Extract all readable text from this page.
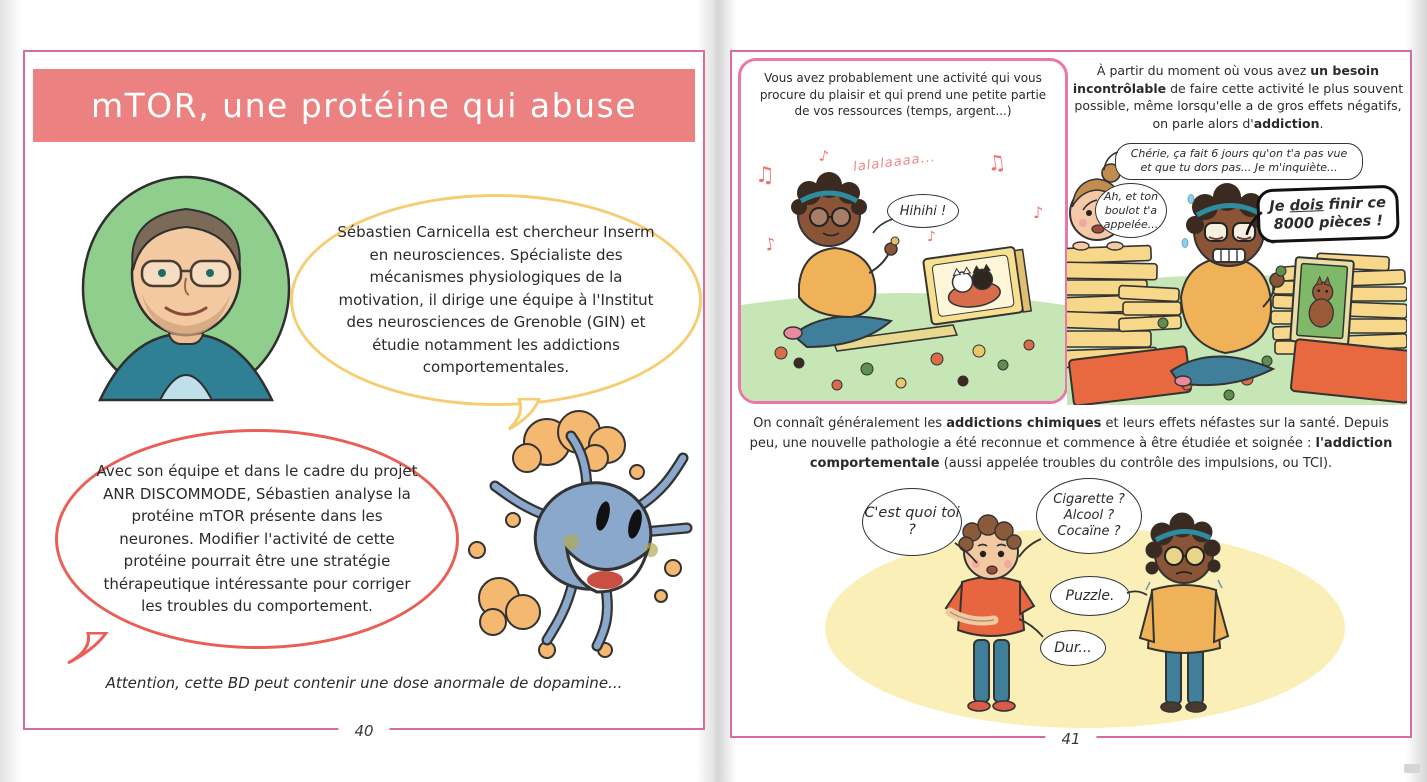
mTOR, une protéine qui abuse
Sébastien Carnicella est chercheur Inserm en neurosciences. Spécialiste des mécanismes physiologiques de la motivation, il dirige une équipe à l'Institut des neurosciences de Grenoble (GIN) et étudie notamment les addictions comportementales.
Avec son équipe et dans le cadre du projet ANR DISCOMMODE, Sébastien analyse la protéine mTOR présente dans les neurones. Modifier l'activité de cette protéine pourrait être une stratégie thérapeutique intéressante pour corriger les troubles du comportement.
Attention, cette BD peut contenir une dose anormale de dopamine...
40
Vous avez probablement une activité qui vous procure du plaisir et qui prend une petite partie de vos ressources (temps, argent...)
♫
♪	♫
♪
♪	♪
lalalaaaa...
Hihihi !
À partir du moment où vous avez un besoin incontrôlable de faire cette activité le plus souvent possible, même lorsqu'elle a de gros effets négatifs, on parle alors d'addiction.
Chérie, ça fait 6 jours qu'on t'a pas vue et que tu dors pas... Je m'inquiète...
Ah, et ton boulot t'a appelée...
Je dois finir ce 8000 pièces !
On connaît généralement les addictions chimiques et leurs effets néfastes sur la santé. Depuis peu, une nouvelle pathologie a été reconnue et commence à être étudiée et soignée : l'addiction comportementale (aussi appelée troubles du contrôle des impulsions, ou TCI).
C'est quoi toi ?
Cigarette ? Alcool ? Cocaïne ?
Puzzle.
Dur...
41
